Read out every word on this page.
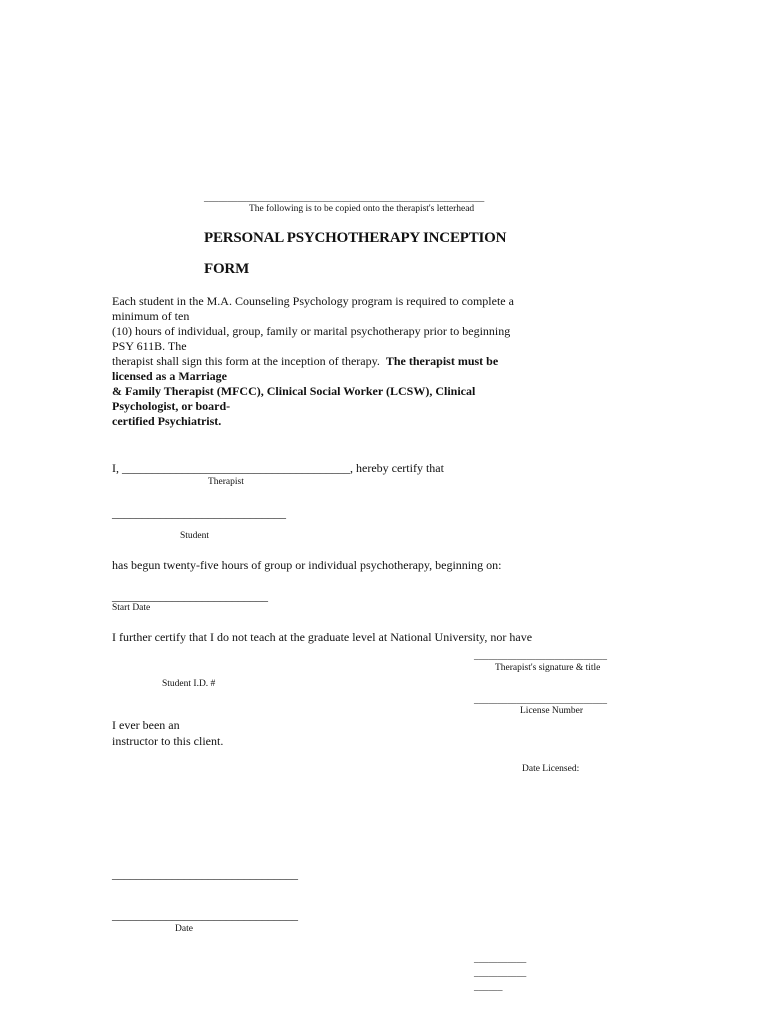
___________________________________________________________
The following is to be copied onto the therapist's letterhead
PERSONAL PSYCHOTHERAPY INCEPTION
FORM
Each student in the M.A. Counseling Psychology program is required to complete a
minimum of ten
(10) hours of individual, group, family or marital psychotherapy prior to beginning
PSY 611B. The
therapist shall sign this form at the inception of therapy. The therapist must be
licensed as a Marriage
& Family Therapist (MFCC), Clinical Social Worker (LCSW), Clinical
Psychologist, or board-
certified Psychiatrist.
I, ______________________________________, hereby certify that
Therapist
_____________________________
Student
has begun twenty-five hours of group or individual psychotherapy, beginning on:
__________________________
Start Date
I further certify that I do not teach at the graduate level at National University, nor have
____________________________
Therapist's signature & title
____________________________
License Number
Date Licensed:
___________
___________
______
Student I.D. #
I ever been an
instructor to this client.
_______________________________
_______________________________
Date
